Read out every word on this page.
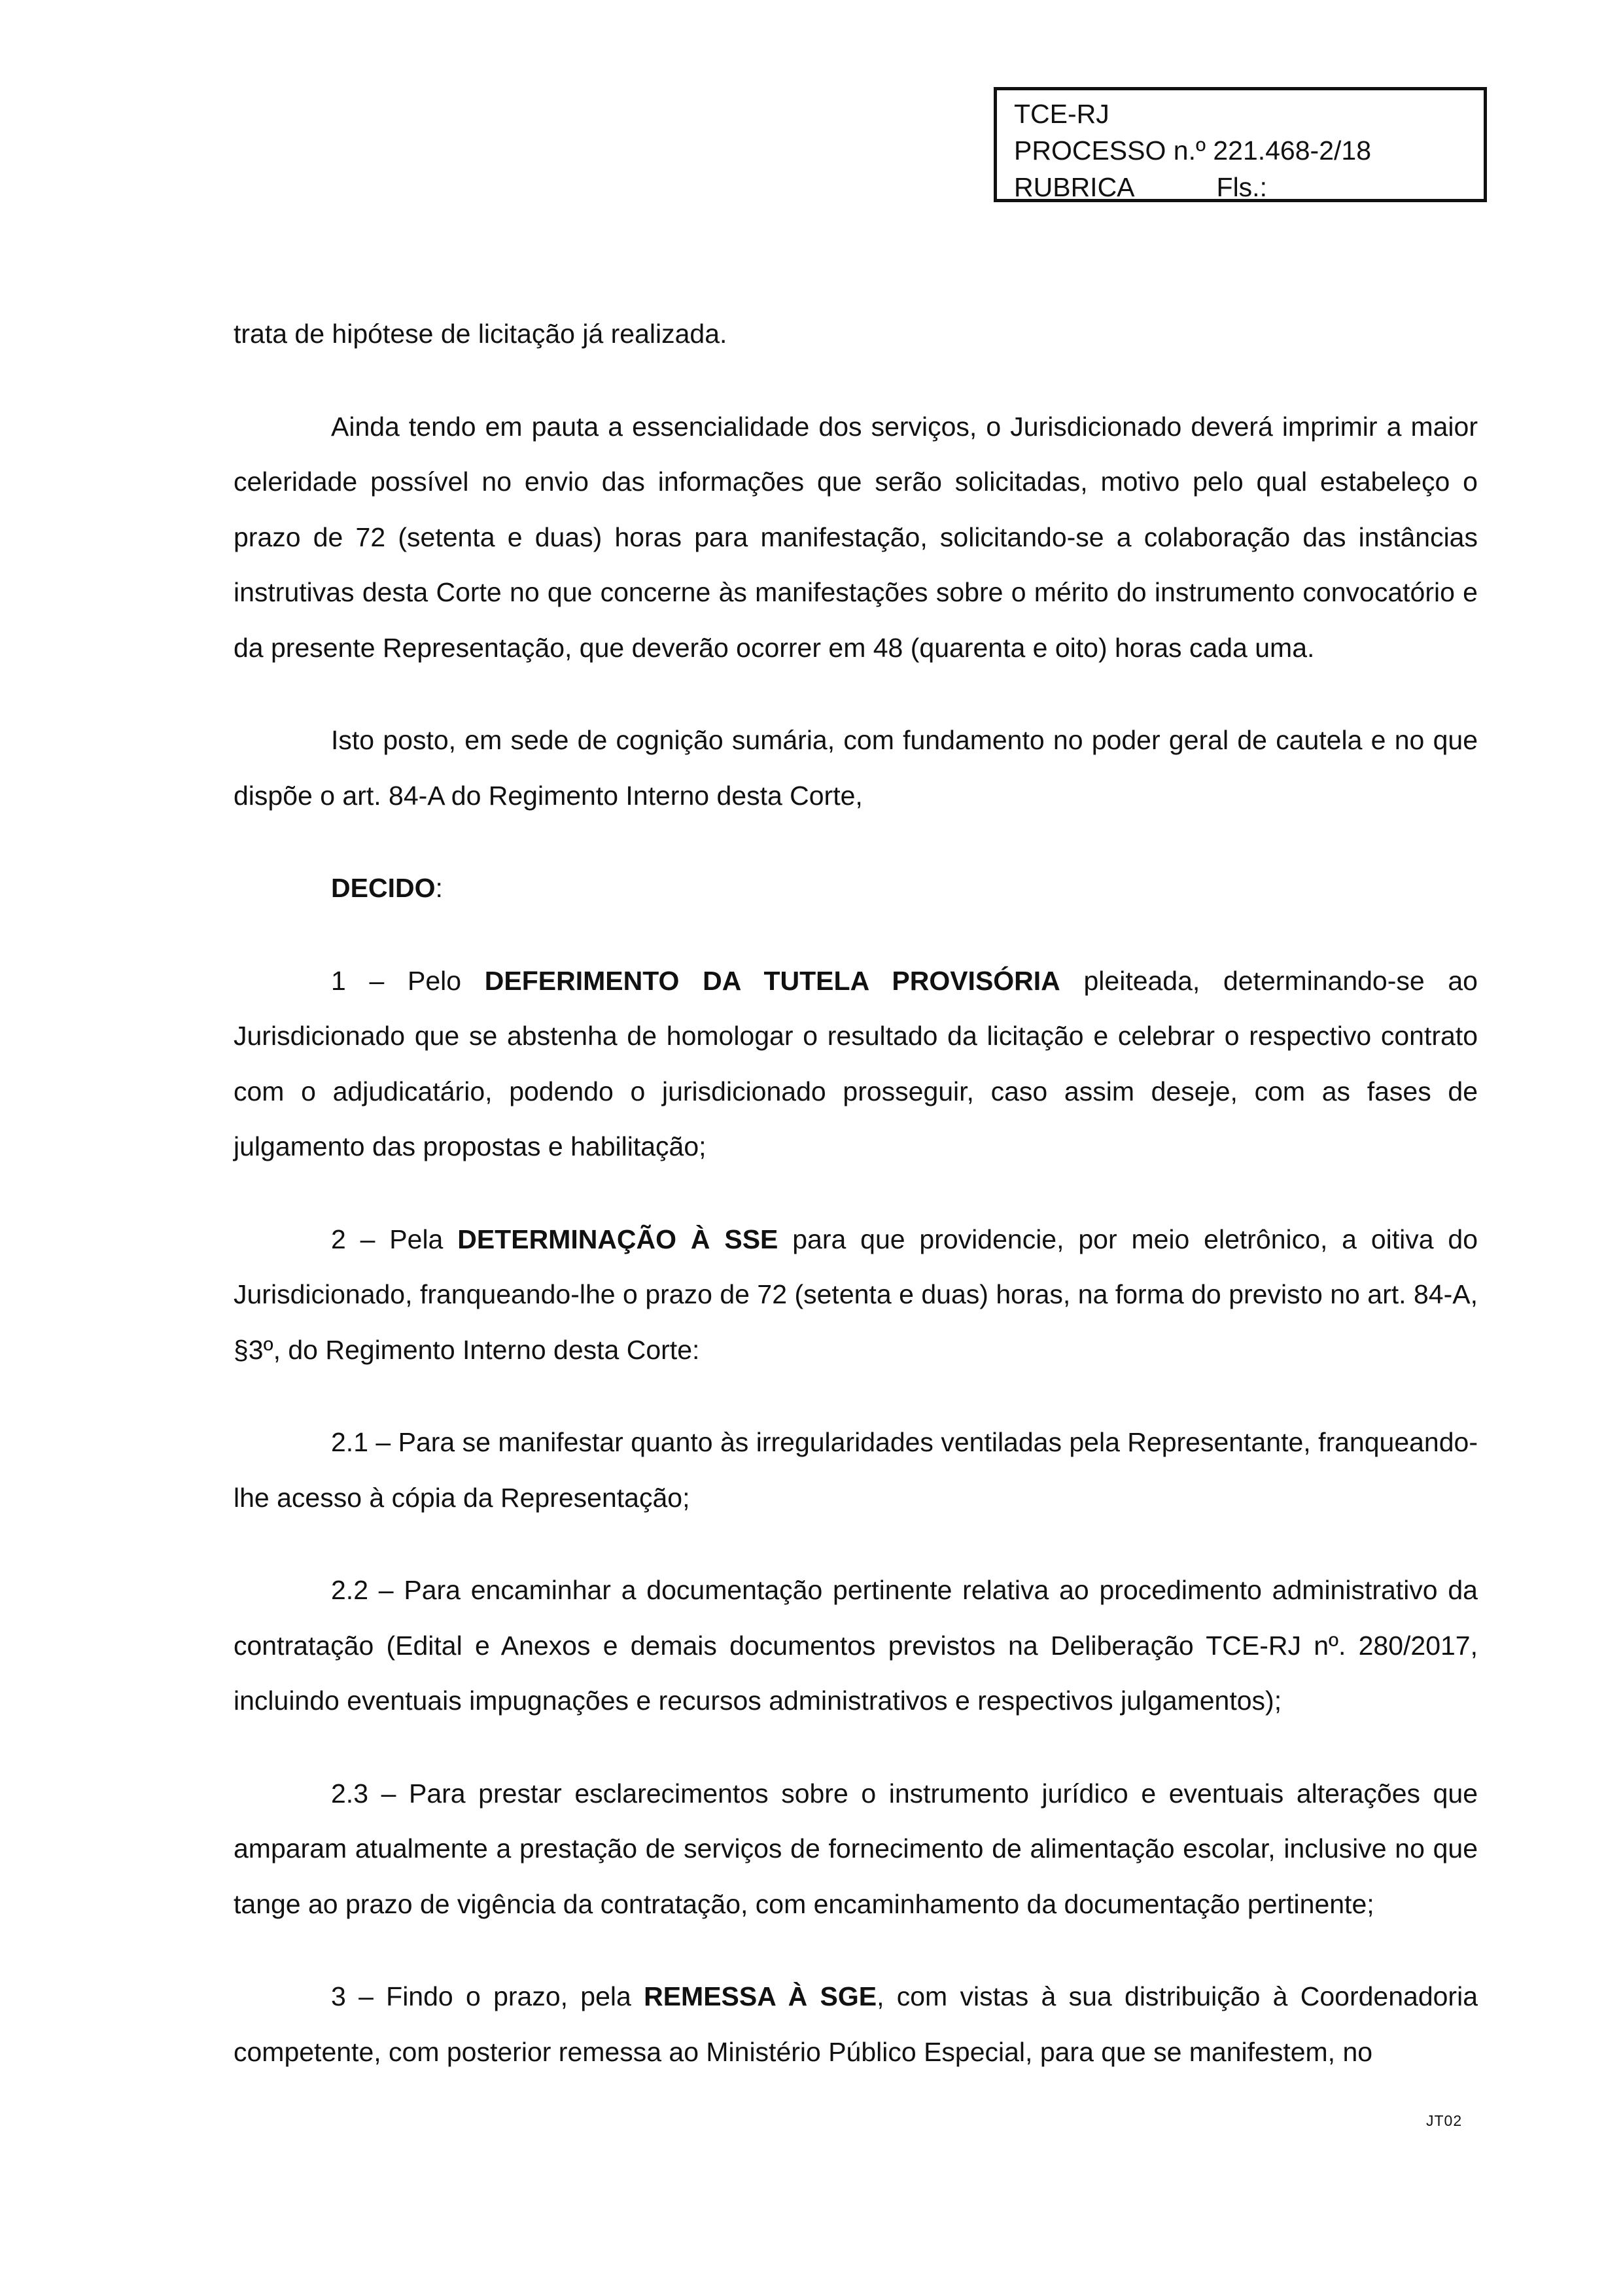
TCE-RJ
PROCESSO n.º 221.468-2/18
RUBRICA	Fls.:

trata de hipótese de licitação já realizada.

Ainda tendo em pauta a essencialidade dos serviços, o Jurisdicionado deverá imprimir a maior celeridade possível no envio das informações que serão solicitadas, motivo pelo qual estabeleço o prazo de 72 (setenta e duas) horas para manifestação, solicitando-se a colaboração das instâncias instrutivas desta Corte no que concerne às manifestações sobre o mérito do instrumento convocatório e da presente Representação, que deverão ocorrer em 48 (quarenta e oito) horas cada uma.

Isto posto, em sede de cognição sumária, com fundamento no poder geral de cautela e no que dispõe o art. 84-A do Regimento Interno desta Corte,

DECIDO:

1 – Pelo DEFERIMENTO DA TUTELA PROVISÓRIA pleiteada, determinando-se ao Jurisdicionado que se abstenha de homologar o resultado da licitação e celebrar o respectivo contrato com o adjudicatário, podendo o jurisdicionado prosseguir, caso assim deseje, com as fases de julgamento das propostas e habilitação;

2 – Pela DETERMINAÇÃO À SSE para que providencie, por meio eletrônico, a oitiva do Jurisdicionado, franqueando-lhe o prazo de 72 (setenta e duas) horas, na forma do previsto no art. 84-A, §3º, do Regimento Interno desta Corte:

2.1 – Para se manifestar quanto às irregularidades ventiladas pela Representante, franqueando-lhe acesso à cópia da Representação;

2.2 – Para encaminhar a documentação pertinente relativa ao procedimento administrativo da contratação (Edital e Anexos e demais documentos previstos na Deliberação TCE-RJ nº. 280/2017, incluindo eventuais impugnações e recursos administrativos e respectivos julgamentos);

2.3 – Para prestar esclarecimentos sobre o instrumento jurídico e eventuais alterações que amparam atualmente a prestação de serviços de fornecimento de alimentação escolar, inclusive no que tange ao prazo de vigência da contratação, com encaminhamento da documentação pertinente;

3 – Findo o prazo, pela REMESSA À SGE, com vistas à sua distribuição à Coordenadoria competente, com posterior remessa ao Ministério Público Especial, para que se manifestem, no

JT02
